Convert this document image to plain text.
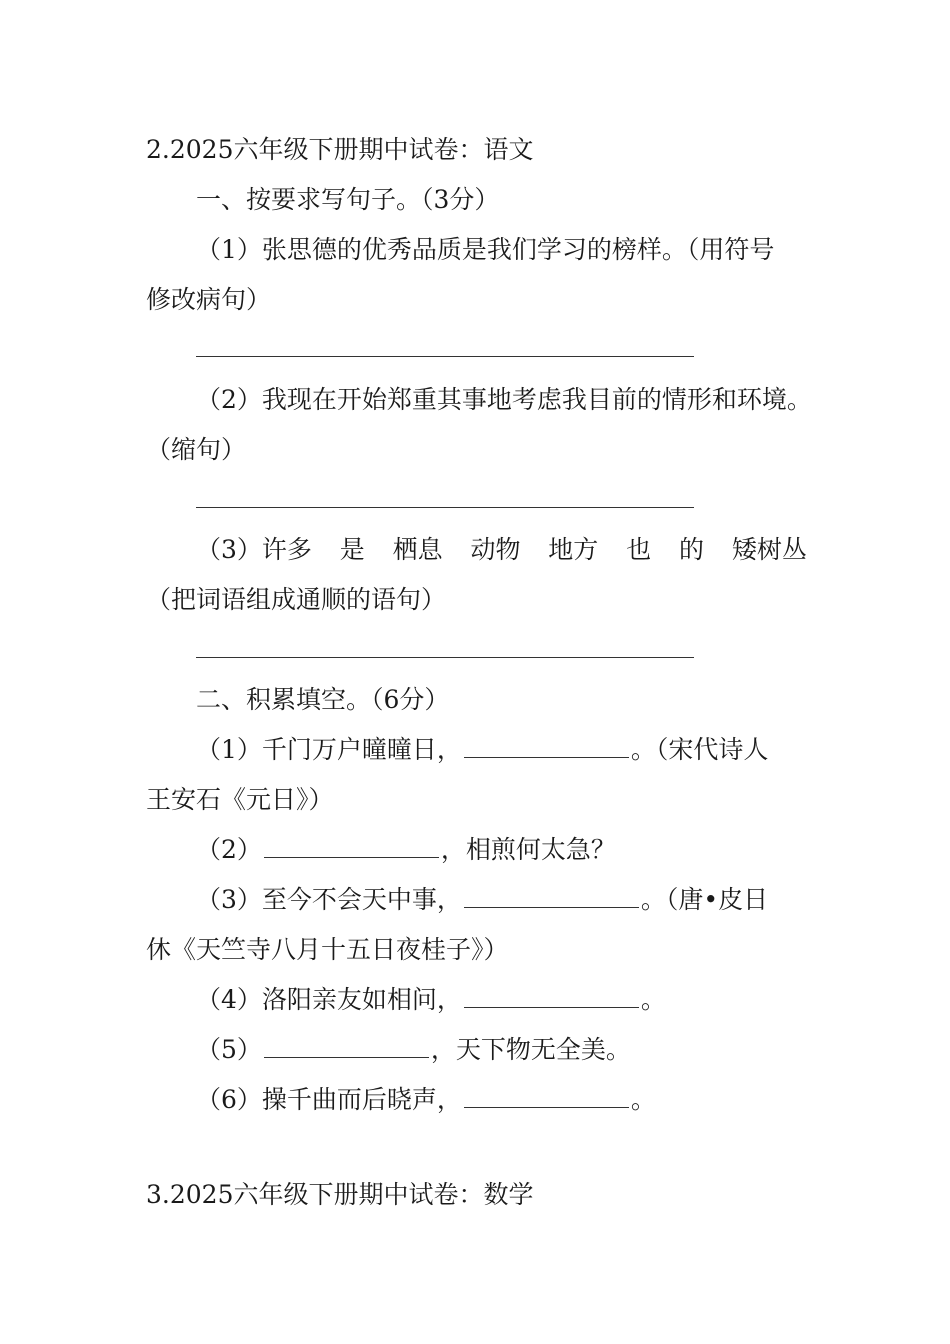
2.2025六年级下册期中试卷：语文
一、按要求写句子。（3分）
（1）张思德的优秀品质是我们学习的榜样。（用符号
修改病句）
（2）我现在开始郑重其事地考虑我目前的情形和环境。
（缩句）
（3） 许多 是 栖息 动物 地方 也 的 矮树丛
（把词语组成通顺的语句）
二、积累填空。（6分）
（1）千门万户曈曈日，	。（宋代诗人
王安石《元日》）
（2）	，相煎何太急？
（3）至今不会天中事，	。（唐•皮日
休《天竺寺八月十五日夜桂子》）
（4）洛阳亲友如相问，	。
（5）	，天下物无全美。
（6）操千曲而后晓声，	。
3.2025六年级下册期中试卷：数学
